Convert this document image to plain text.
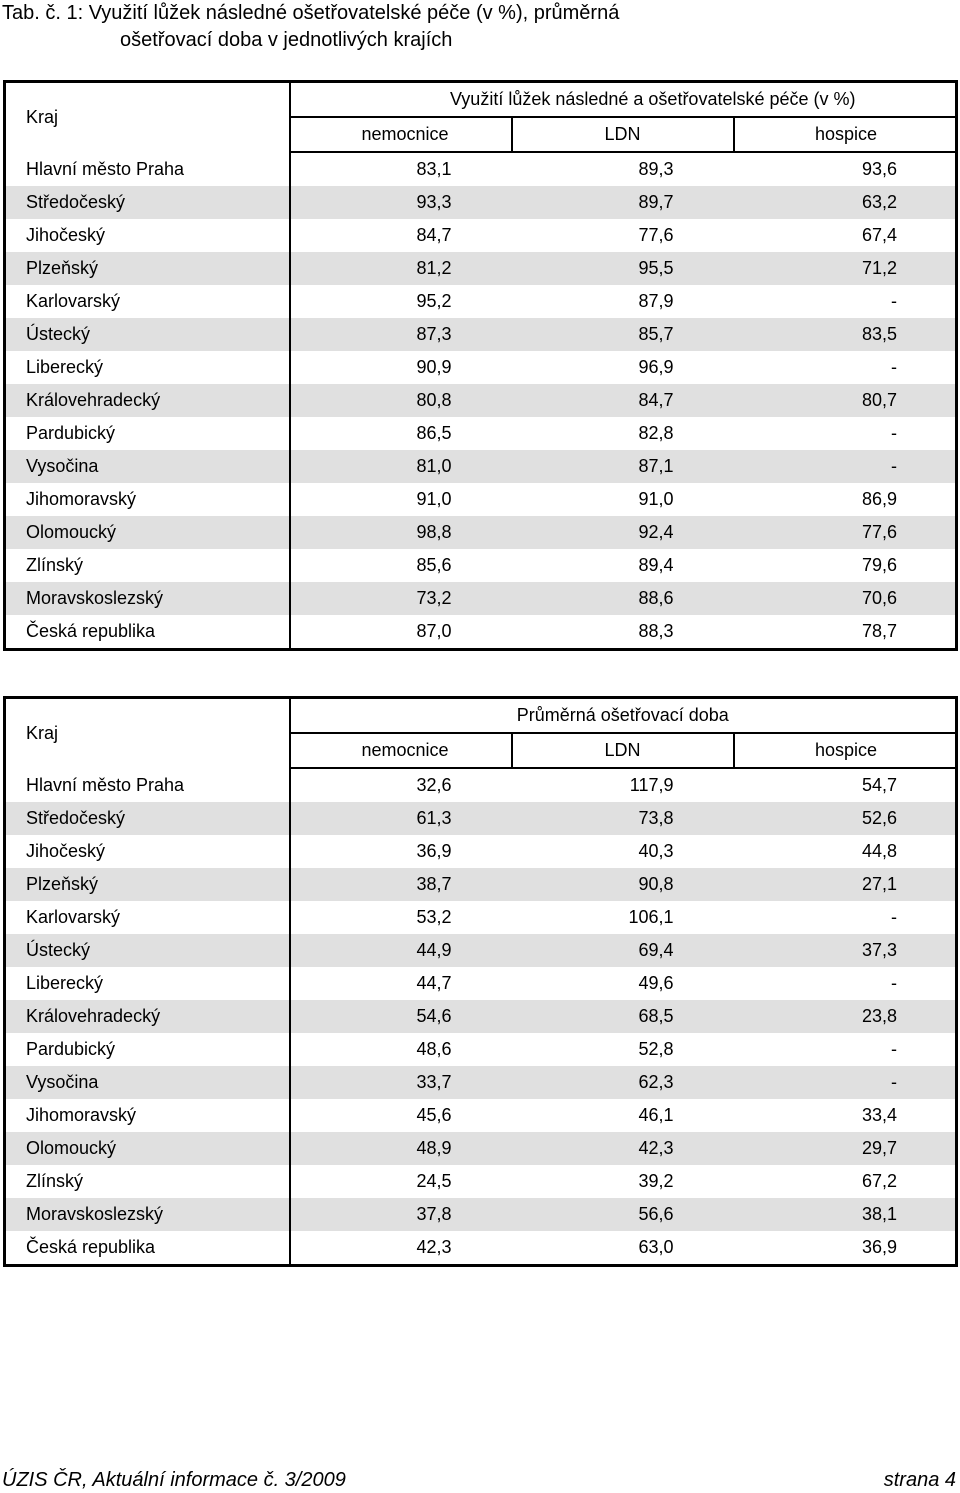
Tab. č. 1: Využití lůžek následné ošetřovatelské péče (v %), průměrná
ošetřovací doba v jednotlivých krajích
Kraj	Využití lůžek následné a ošetřovatelské péče (v %)		
	nemocnice	LDN	hospice
Hlavní město Praha	83,1	89,3	93,6
Středočeský	93,3	89,7	63,2
Jihočeský	84,7	77,6	67,4
Plzeňský	81,2	95,5	71,2
Karlovarský	95,2	87,9	-
Ústecký	87,3	85,7	83,5
Liberecký	90,9	96,9	-
Královehradecký	80,8	84,7	80,7
Pardubický	86,5	82,8	-
Vysočina	81,0	87,1	-
Jihomoravský	91,0	91,0	86,9
Olomoucký	98,8	92,4	77,6
Zlínský	85,6	89,4	79,6
Moravskoslezský	73,2	88,6	70,6
Česká republika	87,0	88,3	78,7
Kraj	Průměrná ošetřovací doba		
	nemocnice	LDN	hospice
Hlavní město Praha	32,6	117,9	54,7
Středočeský	61,3	73,8	52,6
Jihočeský	36,9	40,3	44,8
Plzeňský	38,7	90,8	27,1
Karlovarský	53,2	106,1	-
Ústecký	44,9	69,4	37,3
Liberecký	44,7	49,6	-
Královehradecký	54,6	68,5	23,8
Pardubický	48,6	52,8	-
Vysočina	33,7	62,3	-
Jihomoravský	45,6	46,1	33,4
Olomoucký	48,9	42,3	29,7
Zlínský	24,5	39,2	67,2
Moravskoslezský	37,8	56,6	38,1
Česká republika	42,3	63,0	36,9
ÚZIS ČR, Aktuální informace č. 3/2009	strana 4
